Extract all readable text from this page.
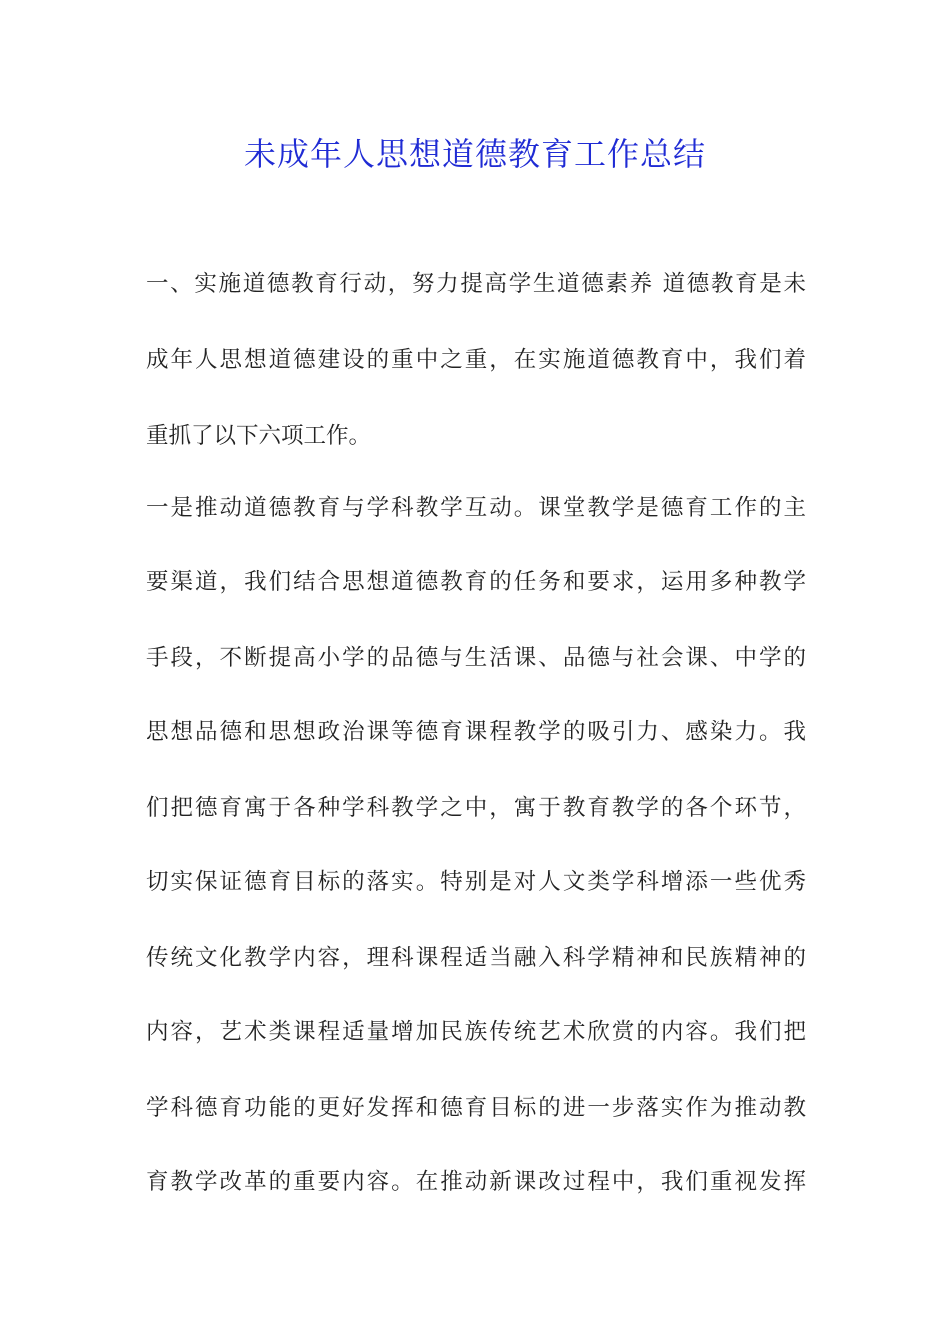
未成年人思想道德教育工作总结
一、实施道德教育行动，努力提高学生道德素养 道德教育是未
成年人思想道德建设的重中之重，在实施道德教育中，我们着
重抓了以下六项工作。
一是推动道德教育与学科教学互动。课堂教学是德育工作的主
要渠道，我们结合思想道德教育的任务和要求，运用多种教学
手段，不断提高小学的品德与生活课、品德与社会课、中学的
思想品德和思想政治课等德育课程教学的吸引力、感染力。我
们把德育寓于各种学科教学之中，寓于教育教学的各个环节，
切实保证德育目标的落实。特别是对人文类学科增添一些优秀
传统文化教学内容，理科课程适当融入科学精神和民族精神的
内容，艺术类课程适量增加民族传统艺术欣赏的内容。我们把
学科德育功能的更好发挥和德育目标的进一步落实作为推动教
育教学改革的重要内容。在推动新课改过程中，我们重视发挥
